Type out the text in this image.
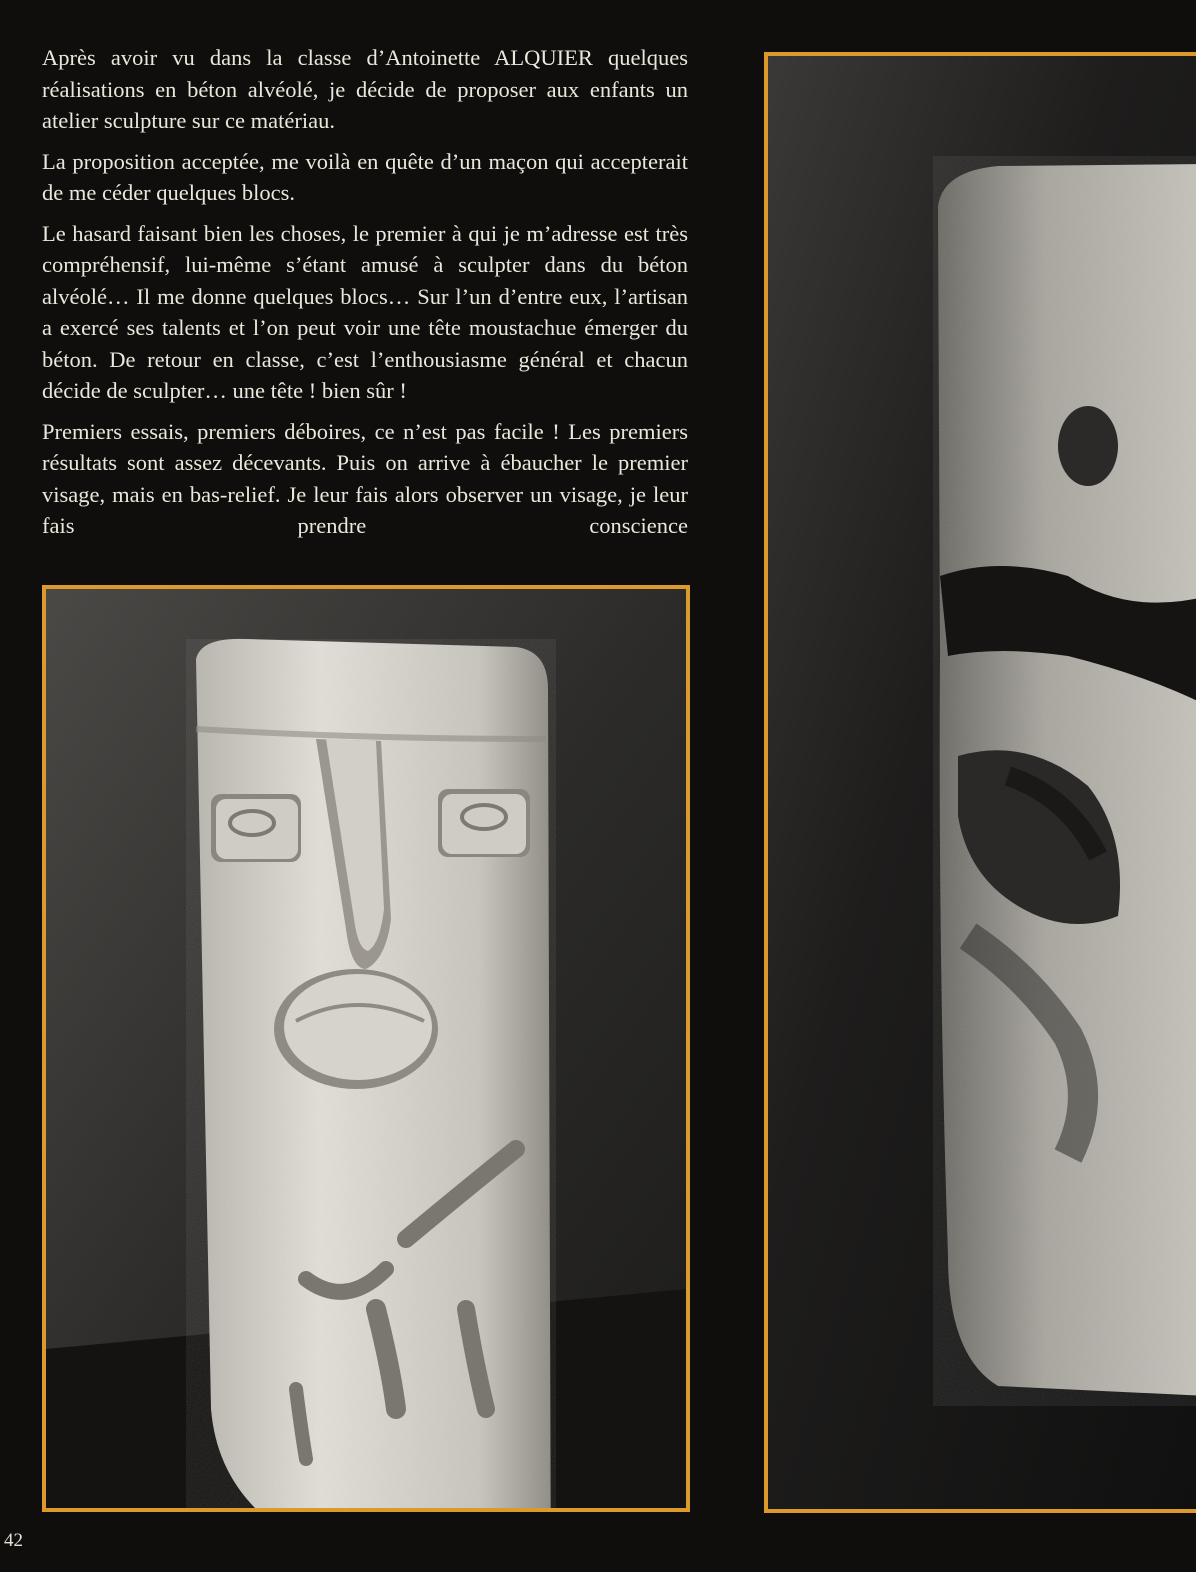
Après avoir vu dans la classe d’Antoinette ALQUIER quelques réalisations en béton alvéolé, je décide de proposer aux enfants un atelier sculpture sur ce matériau.

La proposition acceptée, me voilà en quête d’un maçon qui accepterait de me céder quelques blocs.

Le hasard faisant bien les choses, le premier à qui je m’adresse est très compréhensif, lui-même s’étant amusé à sculpter dans du béton alvéolé… Il me donne quelques blocs… Sur l’un d’entre eux, l’artisan a exercé ses talents et l’on peut voir une tête moustachue émerger du béton. De retour en classe, c’est l’enthousiasme général et chacun décide de sculpter… une tête ! bien sûr !

Premiers essais, premiers déboires, ce n’est pas facile ! Les premiers résultats sont assez décevants. Puis on arrive à ébaucher le premier visage, mais en bas-relief. Je leur fais alors observer un visage, je leur fais prendre conscience

42
